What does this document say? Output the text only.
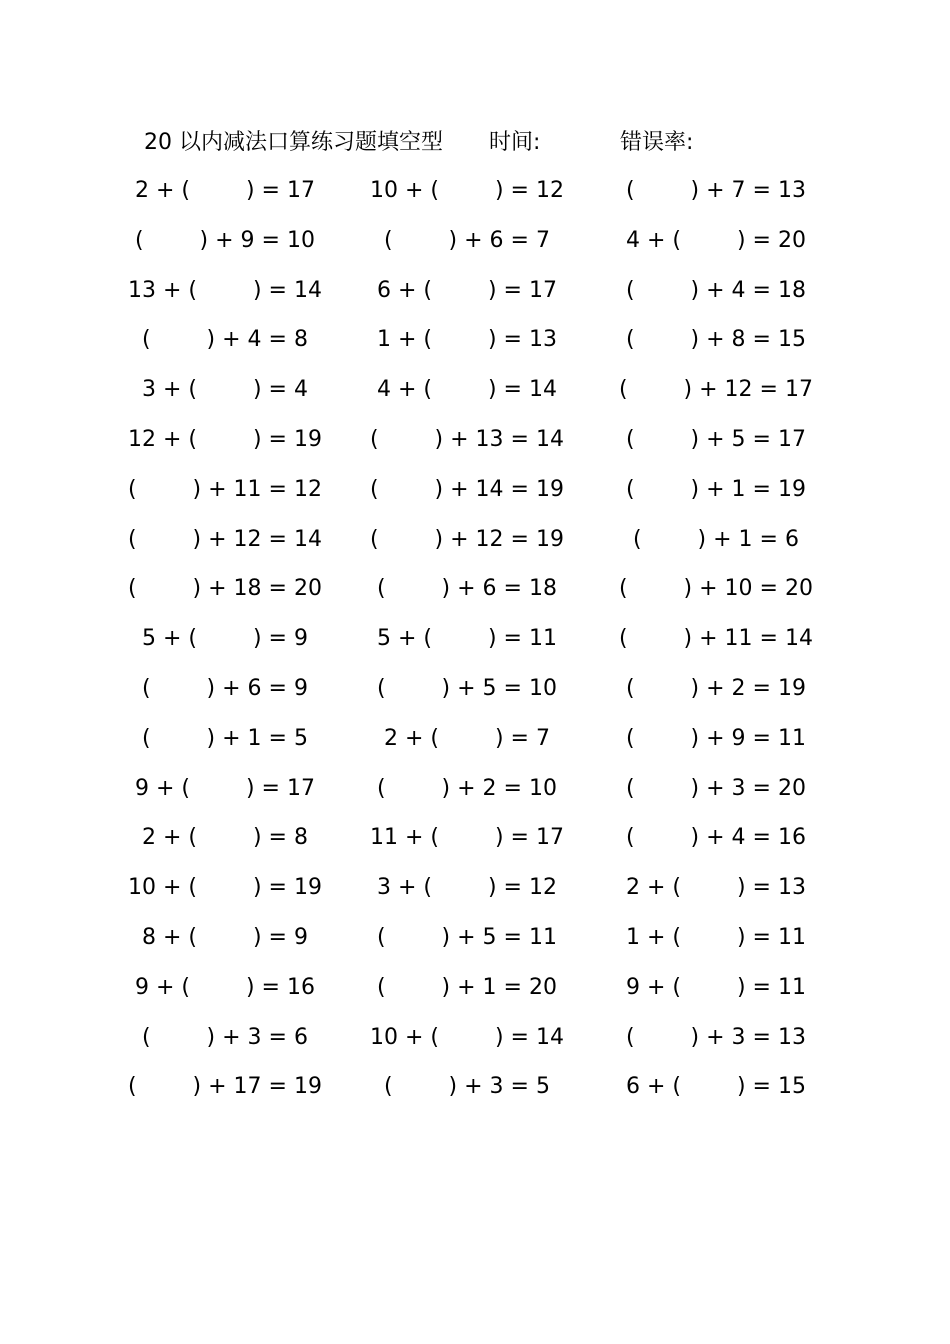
20 以内减法口算练习题填空型 时间:	错误率:
2 + (        ) = 17	10 + (        ) = 12	(        ) + 7 = 13
(        ) + 9 = 10	(        ) + 6 = 7	4 + (        ) = 20
13 + (        ) = 14	6 + (        ) = 17	(        ) + 4 = 18
(        ) + 4 = 8	1 + (        ) = 13	(        ) + 8 = 15
3 + (        ) = 4	4 + (        ) = 14	(        ) + 12 = 17
12 + (        ) = 19 (        ) + 13 = 14	(        ) + 5 = 17
(        ) + 11 = 12 (        ) + 14 = 19	(        ) + 1 = 19
(        ) + 12 = 14 (        ) + 12 = 19	(        ) + 1 = 6
(        ) + 18 = 20	(        ) + 6 = 18	(        ) + 10 = 20
5 + (        ) = 9	5 + (        ) = 11	(        ) + 11 = 14
(        ) + 6 = 9	(        ) + 5 = 10	(        ) + 2 = 19
(        ) + 1 = 5	2 + (        ) = 7	(        ) + 9 = 11
9 + (        ) = 17	(        ) + 2 = 10	(        ) + 3 = 20
2 + (        ) = 8	11 + (        ) = 17	(        ) + 4 = 16
10 + (        ) = 19	3 + (        ) = 12	2 + (        ) = 13
8 + (        ) = 9	(        ) + 5 = 11	1 + (        ) = 11
9 + (        ) = 16	(        ) + 1 = 20	9 + (        ) = 11
(        ) + 3 = 6	10 + (        ) = 14	(        ) + 3 = 13
(        ) + 17 = 19	(        ) + 3 = 5	6 + (        ) = 15
